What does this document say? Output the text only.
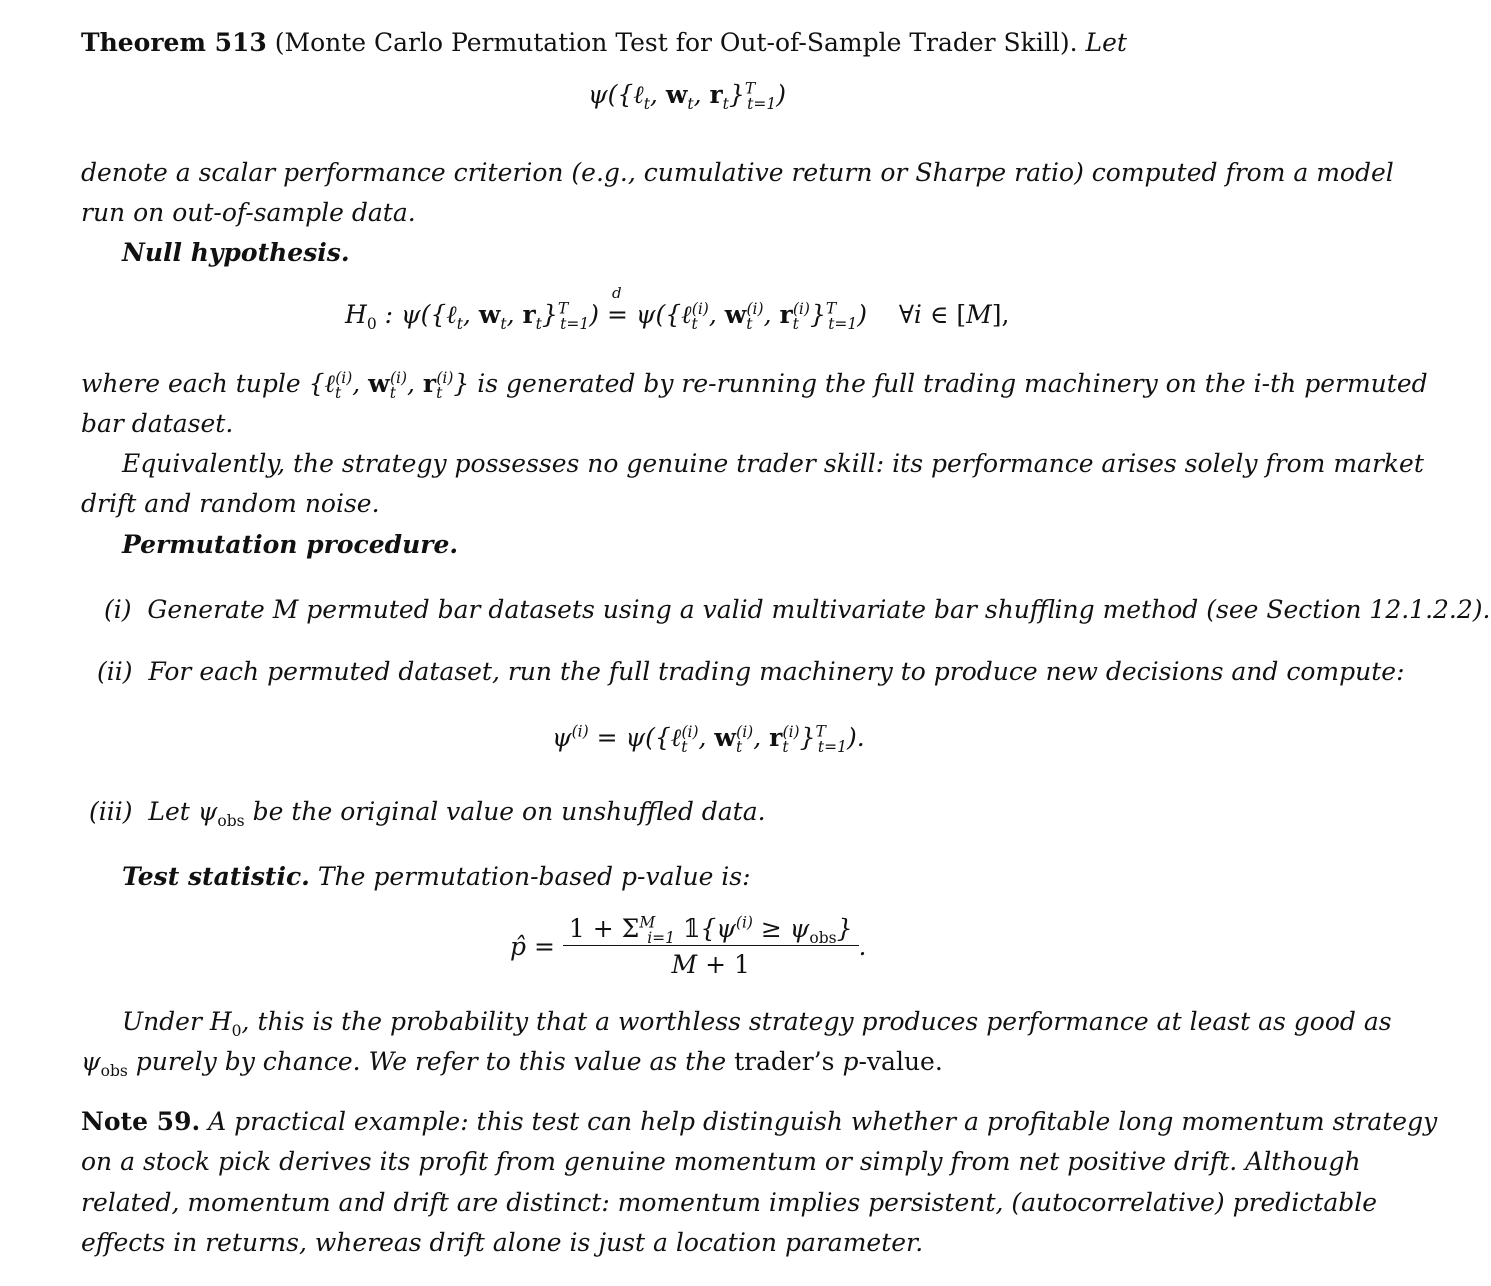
Theorem 513 (Monte Carlo Permutation Test for Out-of-Sample Trader Skill). Let
ψ({ℓ$_t$, $w_t$, $r_t\}^T_{t=1}$)
denote a scalar performance criterion (e.g., cumulative return or Sharpe ratio) computed from a model
run on out-of-sample data.
Null hypothesis.
$H_0$ : ψ({ℓ$_t$, $w_t$, $r_t\}^T_{t=1}$) =
d
ψ({ℓ$_t^{(i)}$, $w_t^{(i)}$, $r_t^{(i)}\}^T_{t=1}$)    ∀i ∈ [M],
where each tuple {ℓ$_t^{(i)}$, $w_t^{(i)}$, $r_t^{(i)}$} is generated by re-running the full trading machinery on the i-th permuted
bar dataset.
Equivalently, the strategy possesses no genuine trader skill: its performance arises solely from market
drift and random noise.
Permutation procedure.
(i) Generate M permuted bar datasets using a valid multivariate bar shuffling method (see Section 12.1.2.2).
(ii) For each permuted dataset, run the full trading machinery to produce new decisions and compute:
$\psi^{(i)}$ = ψ({ℓ$_t^{(i)}$, $w_t^{(i)}$, $r_t^{(i)}\}^T_{t=1}$).
(iii) Let $\psi_{obs}$ be the original value on unshuffled data.
Test statistic. The permutation-based p-value is:
p̂ = $\frac{1 + \Sigma^M_{i=1} 𝟙\{\psi^{(i)} \ge \psi_{obs}\}}{M + 1}$ .
Under $H_0$, this is the probability that a worthless strategy produces performance at least as good as
$\psi_{obs}$ purely by chance. We refer to this value as the trader’s p-value.
Note 59. A practical example: this test can help distinguish whether a profitable long momentum strategy
on a stock pick derives its profit from genuine momentum or simply from net positive drift. Although
related, momentum and drift are distinct: momentum implies persistent, (autocorrelative) predictable
effects in returns, whereas drift alone is just a location parameter.
